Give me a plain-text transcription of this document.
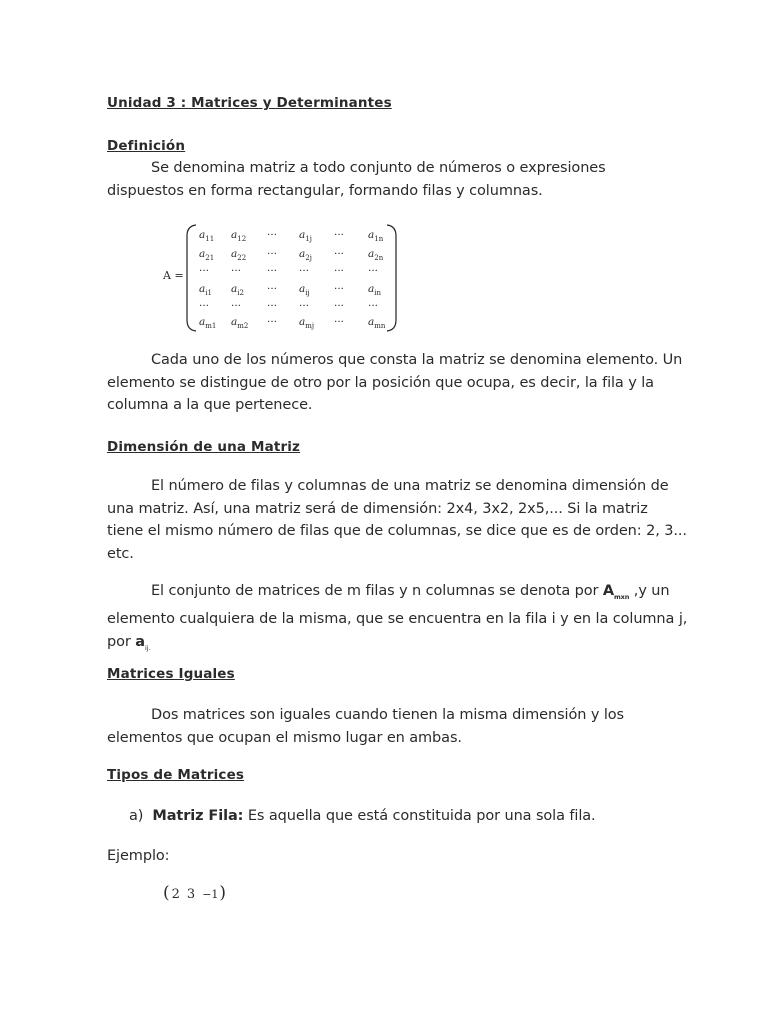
Unidad 3 : Matrices y Determinantes
Definición

Se denomina matriz a todo conjunto de números o expresiones

dispuestos en forma rectangular, formando filas y columnas.

A =
$a_{11}$ $a_{12}$ ··· $a_{1j}$ ··· $a_{1n}$
$a_{21}$ $a_{22}$ ··· $a_{2j}$ ··· $a_{2n}$
··· ··· ··· ··· ··· ···
$a_{i1}$ $a_{i2}$ ··· $a_{ij}$ ··· $a_{in}$
··· ··· ··· ··· ··· ···
$a_{m1}$ $a_{m2}$ ··· $a_{mj}$ ··· $a_{mn}$

Cada uno de los números que consta la matriz se denomina elemento. Un

elemento se distingue de otro por la posición que ocupa, es decir, la fila y la

columna a la que pertenece.

Dimensión de una Matriz

El número de filas y columnas de una matriz se denomina dimensión de

una matriz. Así, una matriz será de dimensión: 2x4, 3x2, 2x5,... Si la matriz

tiene el mismo número de filas que de columnas, se dice que es de orden: 2, 3...

etc.

El conjunto de matrices de m filas y n columnas se denota por $A_{mxn}$ ,y un

elemento cualquiera de la misma, que se encuentra en la fila i y en la columna j,

por $a_{ij.}$

Matrices Iguales

Dos matrices son iguales cuando tienen la misma dimensión y los

elementos que ocupan el mismo lugar en ambas.

Tipos de Matrices
a) Matriz Fila: Es aquella que está constituida por una sola fila.
Ejemplo:
( 2 3 −1)
